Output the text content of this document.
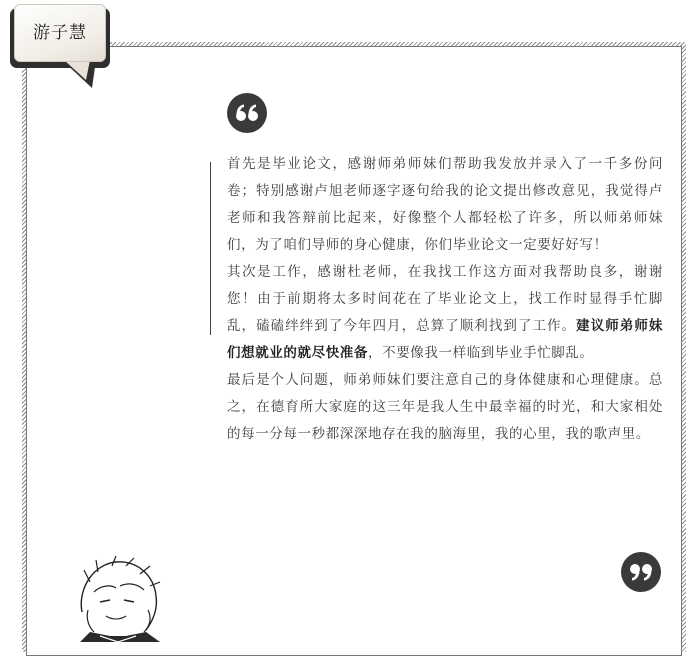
游子慧

首先是毕业论文，感谢师弟师妹们帮助我发放并录入了一千多份问卷；特别感谢卢旭老师逐字逐句给我的论文提出修改意见，我觉得卢老师和我答辩前比起来，好像整个人都轻松了许多，所以师弟师妹们，为了咱们导师的身心健康，你们毕业论文一定要好好写！

其次是工作，感谢杜老师，在我找工作这方面对我帮助良多，谢谢您！由于前期将太多时间花在了毕业论文上，找工作时显得手忙脚乱，磕磕绊绊到了今年四月，总算了顺利找到了工作。建议师弟师妹们想就业的就尽快准备，不要像我一样临到毕业手忙脚乱。

最后是个人问题，师弟师妹们要注意自己的身体健康和心理健康。总之，在德育所大家庭的这三年是我人生中最幸福的时光，和大家相处的每一分每一秒都深深地存在我的脑海里，我的心里，我的歌声里。
